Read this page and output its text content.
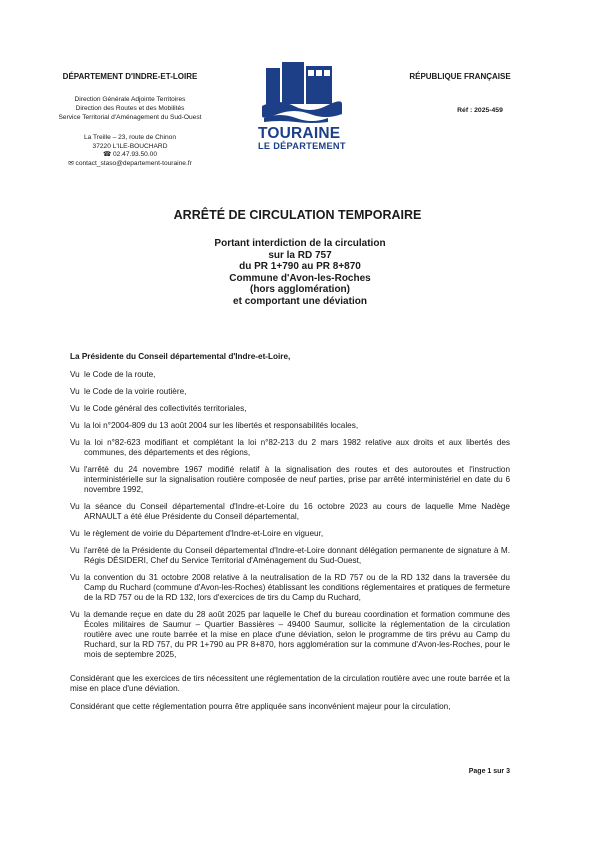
DÉPARTEMENT D'INDRE-ET-LOIRE
Direction Générale Adjointe Territoires
Direction des Routes et des Mobilités
Service Territorial d'Aménagement du Sud-Ouest
La Treille – 23, route de Chinon
37220 L'ILE-BOUCHARD
☎ 02.47.93.50.00
✉ contact_staso@departement-touraine.fr
TOURAINE
LE DÉPARTEMENT
RÉPUBLIQUE FRANÇAISE
Réf : 2025-459
ARRÊTÉ DE CIRCULATION TEMPORAIRE
Portant interdiction de la circulation
sur la RD 757
du PR 1+790 au PR 8+870
Commune d'Avon-les-Roches
(hors agglomération)
et comportant une déviation

La Présidente du Conseil départemental d'Indre-et-Loire,

Vu le Code de la route,
Vu le Code de la voirie routière,
Vu le Code général des collectivités territoriales,
Vu la loi n°2004-809 du 13 août 2004 sur les libertés et responsabilités locales,
Vu la loi n°82-623 modifiant et complétant la loi n°82-213 du 2 mars 1982 relative aux droits et aux libertés des communes, des départements et des régions,
Vu l'arrêté du 24 novembre 1967 modifié relatif à la signalisation des routes et des autoroutes et l'instruction interministérielle sur la signalisation routière composée de neuf parties, prise par arrêté interministériel en date du 6 novembre 1992,
Vu la séance du Conseil départemental d'Indre-et-Loire du 16 octobre 2023 au cours de laquelle Mme Nadège ARNAULT a été élue Présidente du Conseil départemental,
Vu le règlement de voirie du Département d'Indre-et-Loire en vigueur,
Vu l'arrêté de la Présidente du Conseil départemental d'Indre-et-Loire donnant délégation permanente de signature à M. Régis DÉSIDERI, Chef du Service Territorial d'Aménagement du Sud-Ouest,
Vu la convention du 31 octobre 2008 relative à la neutralisation de la RD 757 ou de la RD 132 dans la traversée du Camp du Ruchard (commune d'Avon-les-Roches) établissant les conditions réglementaires et pratiques de fermeture de la RD 757 ou de la RD 132, lors d'exercices de tirs du Camp du Ruchard,
Vu la demande reçue en date du 28 août 2025 par laquelle le Chef du bureau coordination et formation commune des Écoles militaires de Saumur – Quartier Bassières – 49400 Saumur, sollicite la réglementation de la circulation routière avec une route barrée et la mise en place d'une déviation, selon le programme de tirs prévu au Camp du Ruchard, sur la RD 757, du PR 1+790 au PR 8+870, hors agglomération sur la commune d'Avon-les-Roches, pour le mois de septembre 2025,

Considérant que les exercices de tirs nécessitent une réglementation de la circulation routière avec une route barrée et la mise en place d'une déviation.

Considérant que cette réglementation pourra être appliquée sans inconvénient majeur pour la circulation,

Page 1 sur 3
